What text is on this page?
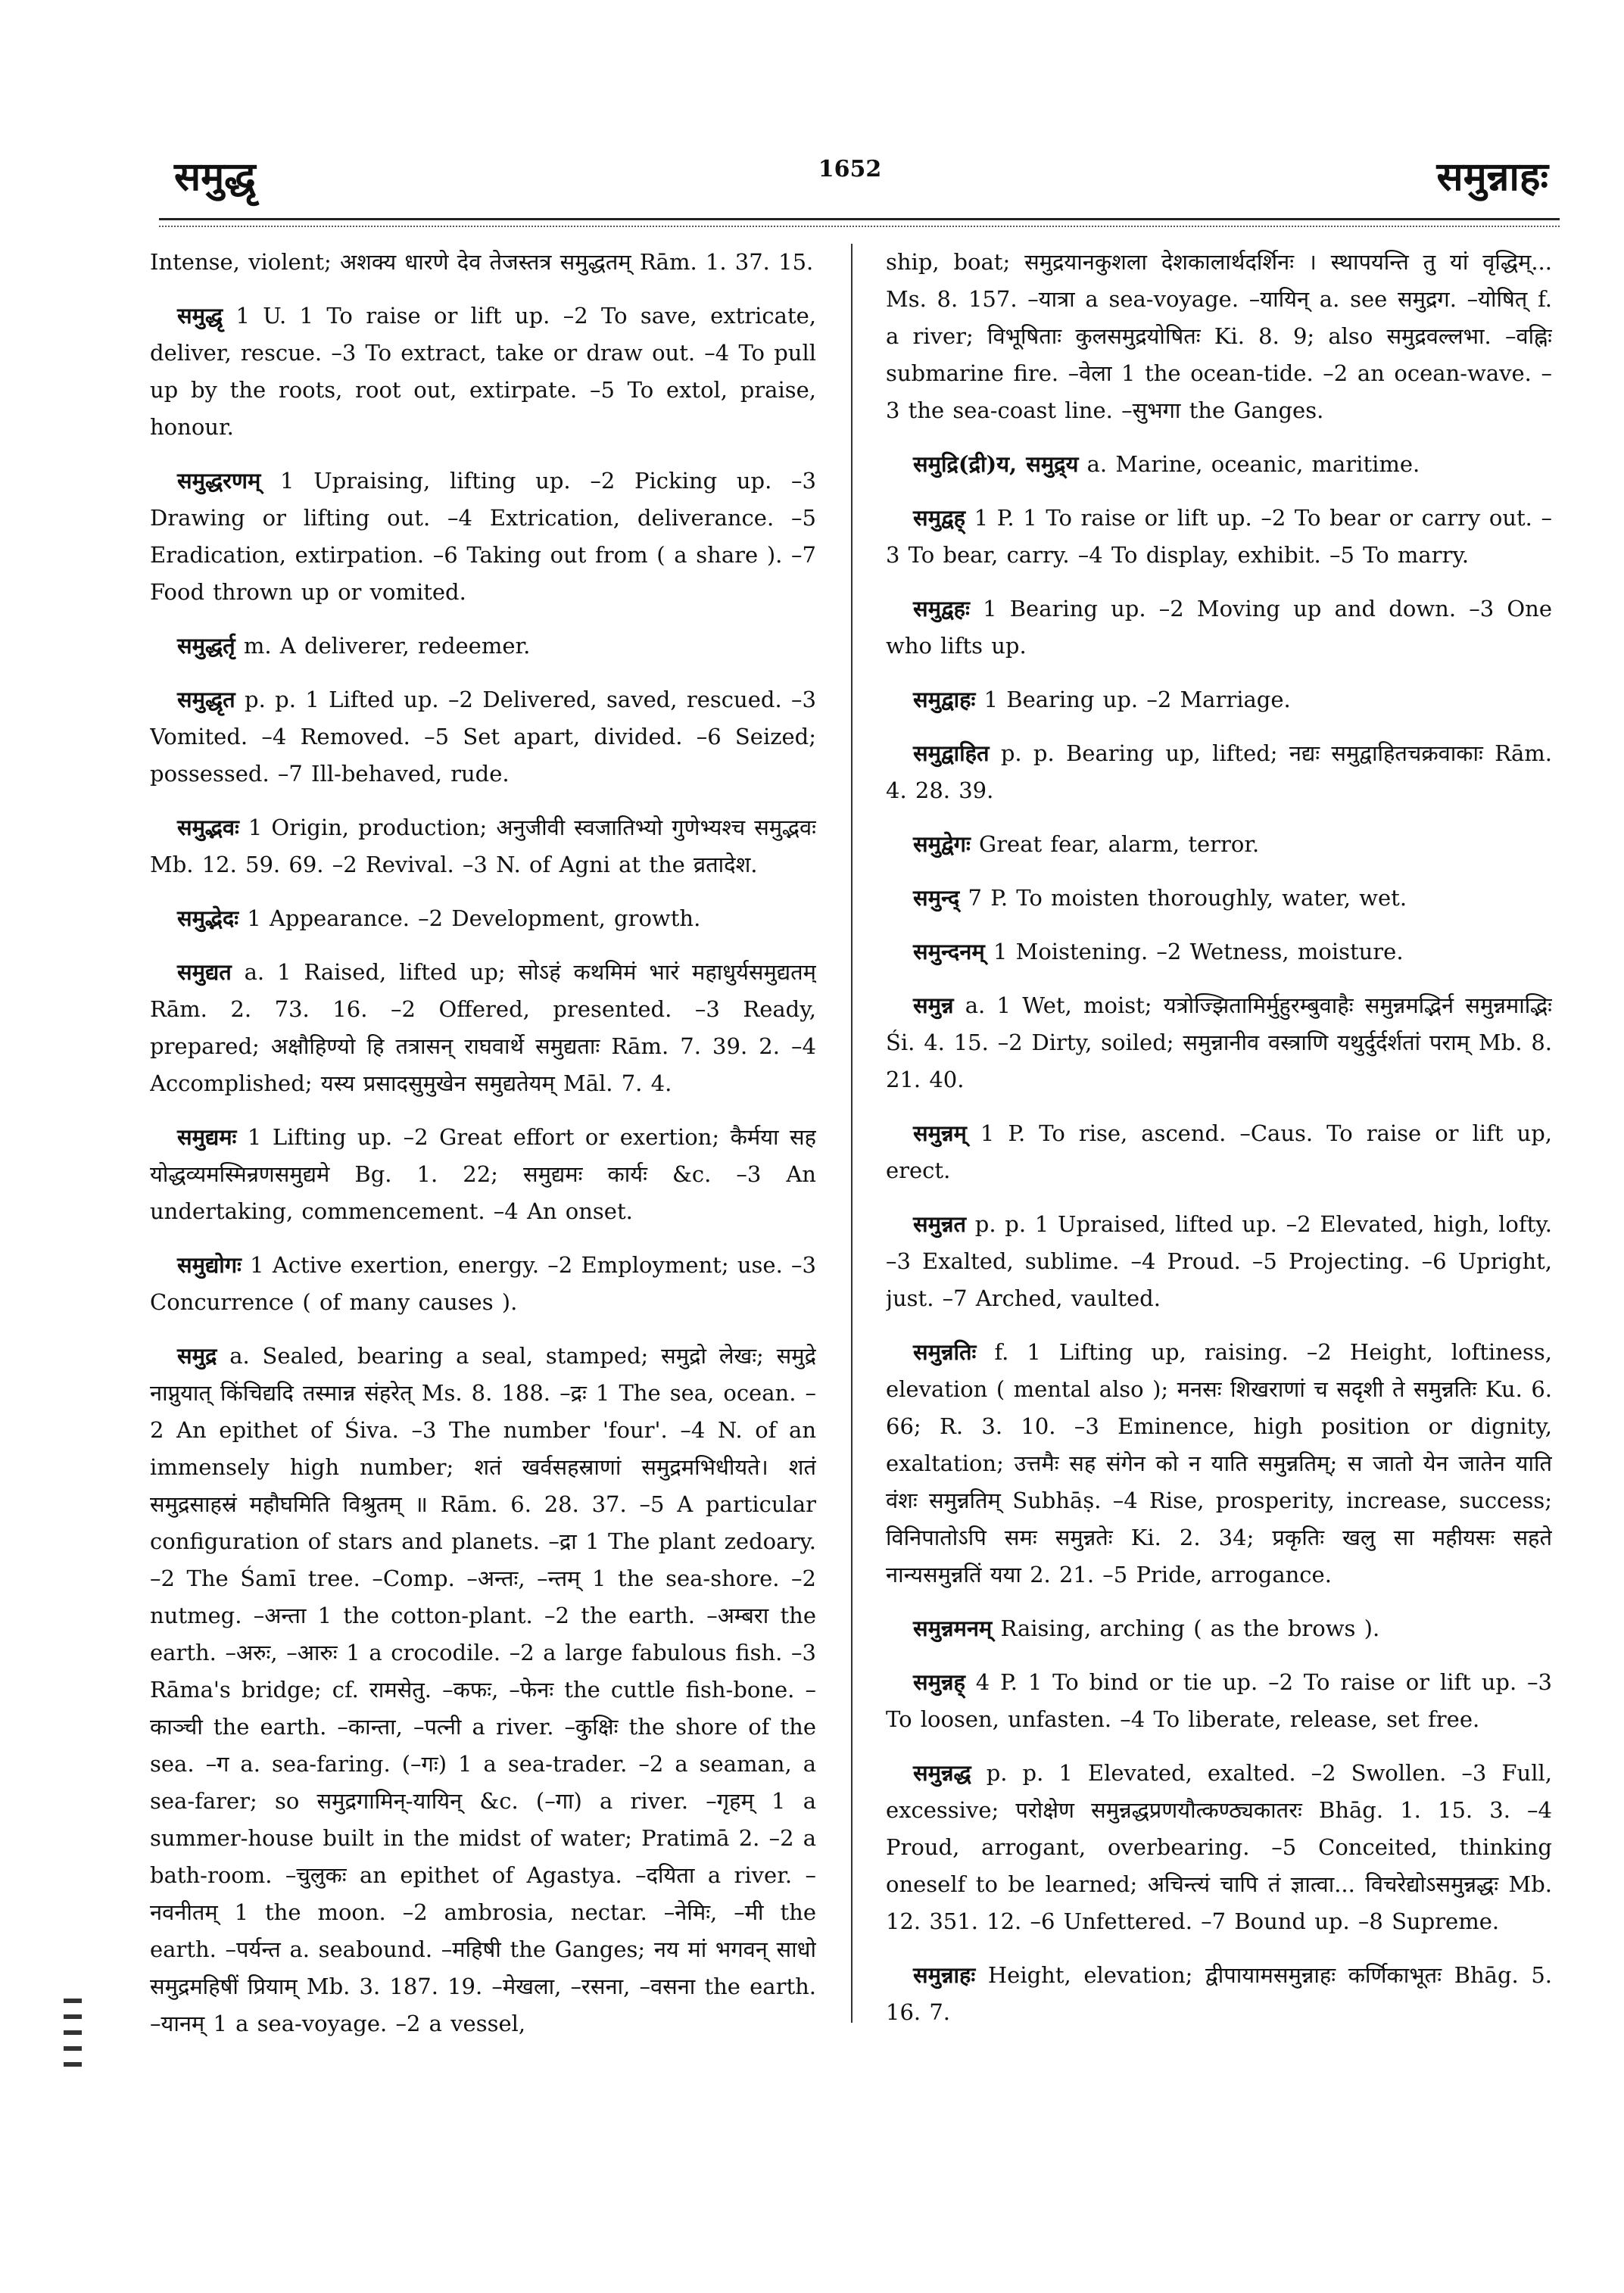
समुद्धृ	1652	समुन्नाहः

Intense, violent; अशक्य धारणे देव तेजस्तत्र समुद्धतम् Rām. 1. 37. 15.

समुद्धृ 1 U. 1 To raise or lift up. –2 To save, extricate, deliver, rescue. –3 To extract, take or draw out. –4 To pull up by the roots, root out, extirpate. –5 To extol, praise, honour.

समुद्धरणम् 1 Upraising, lifting up. –2 Picking up. –3 Drawing or lifting out. –4 Extrication, deliverance. –5 Eradication, extirpation. –6 Taking out from ( a share ). –7 Food thrown up or vomited.

समुद्धर्तृ m. A deliverer, redeemer.

समुद्धृत p. p. 1 Lifted up. –2 Delivered, saved, rescued. –3 Vomited. –4 Removed. –5 Set apart, divided. –6 Seized; possessed. –7 Ill-behaved, rude.

समुद्भवः 1 Origin, production; अनुजीवी स्वजातिभ्यो गुणेभ्यश्च समुद्भवः Mb. 12. 59. 69. –2 Revival. –3 N. of Agni at the व्रतादेश.

समुद्भेदः 1 Appearance. –2 Development, growth.

समुद्यत a. 1 Raised, lifted up; सोऽहं कथमिमं भारं महाधुर्यसमुद्यतम् Rām. 2. 73. 16. –2 Offered, presented. –3 Ready, prepared; अक्षौहिण्यो हि तत्रासन् राघवार्थे समुद्यताः Rām. 7. 39. 2. –4 Accomplished; यस्य प्रसादसुमुखेन समुद्यतेयम् Māl. 7. 4.

समुद्यमः 1 Lifting up. –2 Great effort or exertion; कैर्मया सह योद्धव्यमस्मिन्रणसमुद्यमे Bg. 1. 22; समुद्यमः कार्यः &c. –3 An undertaking, commencement. –4 An onset.

समुद्योगः 1 Active exertion, energy. –2 Employment; use. –3 Concurrence ( of many causes ).

समुद्र a. Sealed, bearing a seal, stamped; समुद्रो लेखः; समुद्रे नाप्नुयात् किंचिद्यदि तस्मान्न संहरेत् Ms. 8. 188. –द्रः 1 The sea, ocean. –2 An epithet of Śiva. –3 The number 'four'. –4 N. of an immensely high number; शतं खर्वसहस्राणां समुद्रमभिधीयते। शतं समुद्रसाहस्रं महौघमिति विश्रुतम् ॥ Rām. 6. 28. 37. –5 A particular configuration of stars and planets. –द्रा 1 The plant zedoary. –2 The Śamī tree. –Comp. –अन्तः, –न्तम् 1 the sea-shore. –2 nutmeg. –अन्ता 1 the cotton-plant. –2 the earth. –अम्बरा the earth. –अरुः, –आरुः 1 a crocodile. –2 a large fabulous fish. –3 Rāma's bridge; cf. रामसेतु. –कफः, –फेनः the cuttle fish-bone. –काञ्ची the earth. –कान्ता, –पत्नी a river. –कुक्षिः the shore of the sea. –ग a. sea-faring. (–गः) 1 a sea-trader. –2 a seaman, a sea-farer; so समुद्रगामिन्-यायिन् &c. (–गा) a river. –गृहम् 1 a summer-house built in the midst of water; Pratimā 2. –2 a bath-room. –चुलुकः an epithet of Agastya. –दयिता a river. –नवनीतम् 1 the moon. –2 ambrosia, nectar. –नेमिः, –मी the earth. –पर्यन्त a. seabound. –महिषी the Ganges; नय मां भगवन् साधो समुद्रमहिषीं प्रियाम् Mb. 3. 187. 19. –मेखला, –रसना, –वसना the earth. –यानम् 1 a sea-voyage. –2 a vessel,

ship, boat; समुद्रयानकुशला देशकालार्थदर्शिनः । स्थापयन्ति तु यां वृद्धिम्... Ms. 8. 157. –यात्रा a sea-voyage. –यायिन् a. see समुद्रग. –योषित् f. a river; विभूषिताः कुलसमुद्रयोषितः Ki. 8. 9; also समुद्रवल्लभा. –वह्निः submarine fire. –वेला 1 the ocean-tide. –2 an ocean-wave. –3 the sea-coast line. –सुभगा the Ganges.

समुद्रि(द्री)य, समुद्र्य a. Marine, oceanic, maritime.

समुद्वह् 1 P. 1 To raise or lift up. –2 To bear or carry out. –3 To bear, carry. –4 To display, exhibit. –5 To marry.

समुद्वहः 1 Bearing up. –2 Moving up and down. –3 One who lifts up.

समुद्वाहः 1 Bearing up. –2 Marriage.

समुद्वाहित p. p. Bearing up, lifted; नद्यः समुद्वाहितचक्रवाकाः Rām. 4. 28. 39.

समुद्वेगः Great fear, alarm, terror.

समुन्द् 7 P. To moisten thoroughly, water, wet.

समुन्दनम् 1 Moistening. –2 Wetness, moisture.

समुन्न a. 1 Wet, moist; यत्रोज्झितामिर्मुहुरम्बुवाहैः समुन्नमद्भिर्न समुन्नमाद्भिः Śi. 4. 15. –2 Dirty, soiled; समुन्नानीव वस्त्राणि यथुर्दुर्दर्शतां पराम् Mb. 8. 21. 40.

समुन्नम् 1 P. To rise, ascend. –Caus. To raise or lift up, erect.

समुन्नत p. p. 1 Upraised, lifted up. –2 Elevated, high, lofty. –3 Exalted, sublime. –4 Proud. –5 Projecting. –6 Upright, just. –7 Arched, vaulted.

समुन्नतिः f. 1 Lifting up, raising. –2 Height, loftiness, elevation ( mental also ); मनसः शिखराणां च सदृशी ते समुन्नतिः Ku. 6. 66; R. 3. 10. –3 Eminence, high position or dignity, exaltation; उत्तमैः सह संगेन को न याति समुन्नतिम्; स जातो येन जातेन याति वंशः समुन्नतिम् Subhāṣ. –4 Rise, prosperity, increase, success; विनिपातोऽपि समः समुन्नतेः Ki. 2. 34; प्रकृतिः खलु सा महीयसः सहते नान्यसमुन्नतिं यया 2. 21. –5 Pride, arrogance.

समुन्नमनम् Raising, arching ( as the brows ).

समुन्नह् 4 P. 1 To bind or tie up. –2 To raise or lift up. –3 To loosen, unfasten. –4 To liberate, release, set free.

समुन्नद्ध p. p. 1 Elevated, exalted. –2 Swollen. –3 Full, excessive; परोक्षेण समुन्नद्धप्रणयौत्कण्ठ्यकातरः Bhāg. 1. 15. 3. –4 Proud, arrogant, overbearing. –5 Conceited, thinking oneself to be learned; अचिन्त्यं चापि तं ज्ञात्वा... विचरेद्योऽसमुन्नद्धः Mb. 12. 351. 12. –6 Unfettered. –7 Bound up. –8 Supreme.

समुन्नाहः Height, elevation; द्वीपायामसमुन्नाहः कर्णिकाभूतः Bhāg. 5. 16. 7.
